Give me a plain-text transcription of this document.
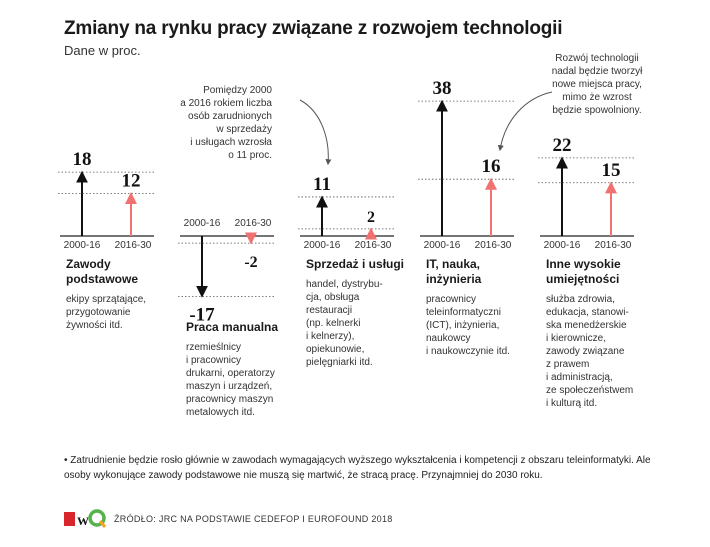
Zmiany na rynku pracy związane z rozwojem technologii
Dane w proc.
18
2000-16
12
2016-30
-17
2000-16
-2
2016-30
11
2000-16
2
2016-30
38
2000-16
16
2016-30
22
2000-16
15
2016-30
Zawody
podstawowe
ekipy sprzątające,
przygotowanie
żywności itd.	Praca manualna
rzemieślnicy
i pracownicy
drukarni, operatorzy
maszyn i urządzeń,
pracownicy maszyn
metalowych itd.
Sprzedaż i usługi
handel, dystrybu-
cja, obsługa
restauracji
(np. kelnerki
i kelnerzy),
opiekunowie,
pielęgniarki itd.
IT, nauka,
inżynieria
pracownicy
teleinformatyczni
(ICT), inżynieria,
naukowcy
i naukowczynie itd.
Inne wysokie
umiejętności
służba zdrowia,
edukacja, stanowi-
ska menedżerskie
i kierownicze,
zawody związane
z prawem
i administracją,
ze społeczeństwem
i kulturą itd.
Pomiędzy 2000
a 2016 rokiem liczba
osób zarudnionych
w sprzedaży
i usługach wzrosła
o 11 proc.
Rozwój technologii
nadal będzie tworzył
nowe miejsca pracy,
mimo że wzrost
będzie spowolniony.
• Zatrudnienie będzie rosło głównie w zawodach wymagających wyższego wykształcenia i kompetencji z obszaru teleinformatyki. Ale osoby wykonujące zawody podstawowe nie muszą się martwić, że stracą pracę. Przynajmniej do 2030 roku.
W	ŹRÓDŁO: JRC NA PODSTAWIE CEDEFOP I EUROFOUND 2018
